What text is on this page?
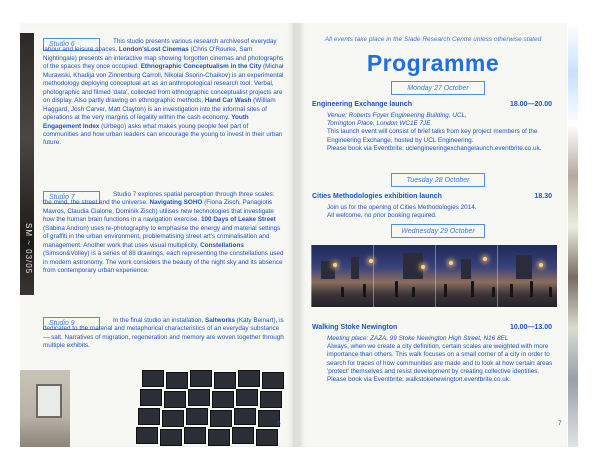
SM ~ 03/05
Studio 6	This studio presents various research archivesof everyday labour and leisure spaces. London'sLost Cinemas (Chris O'Rourke, Sam Nightingale) presents an interactive map showing forgotten cinemas and photographs of the spaces they once occupied. Ethnographic Conceptualism in the City (Michał Murawski, Khadija von Zinnenburg Carroll, Nikolai Ssorin-Chaikov) is an experimental methodology deploying conceptual art as an anthropological research tool. Verbal, photographic and filmed 'data', collected from ethnographic conceptualist projects are on display. Also partly drawing on ethnographic methods, Hand Car Wash (William Haggard, Josh Carver, Matt Clayton) is an investigation into the informal sites of operations at the very margins of legality within the cash economy. Youth Engagement Index (Urbego) asks what makes young people feel part of communities and how urban leaders can encourage the young to invest in their urban future.

Studio 7	Studio 7 explores spatial perception through three scales: the mind, the street and the universe. Navigating SOHO (Fiona Zisch, Panagiotis Mavros, Claudia Cialone, Dominik Zisch) utilises new technologies that investigate how the human brain functions in a navigation exercise. 100 Days of Leake Street (Sabina Andron) uses re-photography to emphasise the energy and material settings of graffiti in the urban environment, problematising street art's criminalisation and management. Another work that uses visual multiplicity, Constellations (Simson&Volley) is a series of 88 drawings, each representing the constellations used in modern astronomy. The work considers the beauty of the night sky and its absence from contemporary urban experience.

Studio 9	In the final studio an installation, Saltworks (Katy Beinart), is dedicated to the material and metaphorical characteristics of an everyday substance — salt. Narratives of migration, regeneration and memory are woven together through multiple exhibits.

6
All events take place in the Slade Research Centre unless otherwise stated
Programme
Monday 27 October
Engineering Exchange launch	18.00—20.00
Venue: Roberts Foyer Engineering Building, UCL,
Torrington Place, London WC1E 7JE
This launch event will consist of brief talks from key project members of the Engineering Exchange, hosted by UCL Engineering.
Please book via Eventbrite: uclengineeringexchangelaunch.eventbrite.co.uk.
Tuesday 28 October
Cities Methodologies exhibition launch	18.30
Join us for the opening of Cities Methodologies 2014.
All welcome, no prior booking required.
Wednesday 29 October
Walking Stoke Newington	10.00—13.00
Meeting place: ZAZA, 99 Stoke Newington High Street, N16 8EL
Always, when we create a city definition, certain scales are weighted with more importance than others. This walk focuses on a small corner of a city in order to search for traces of how communities are made and to look at how certain areas 'protect' themselves and resist development by creating collective identities.
Please book via Eventbrite: walkstokenewington.eventbrite.co.uk.
7
